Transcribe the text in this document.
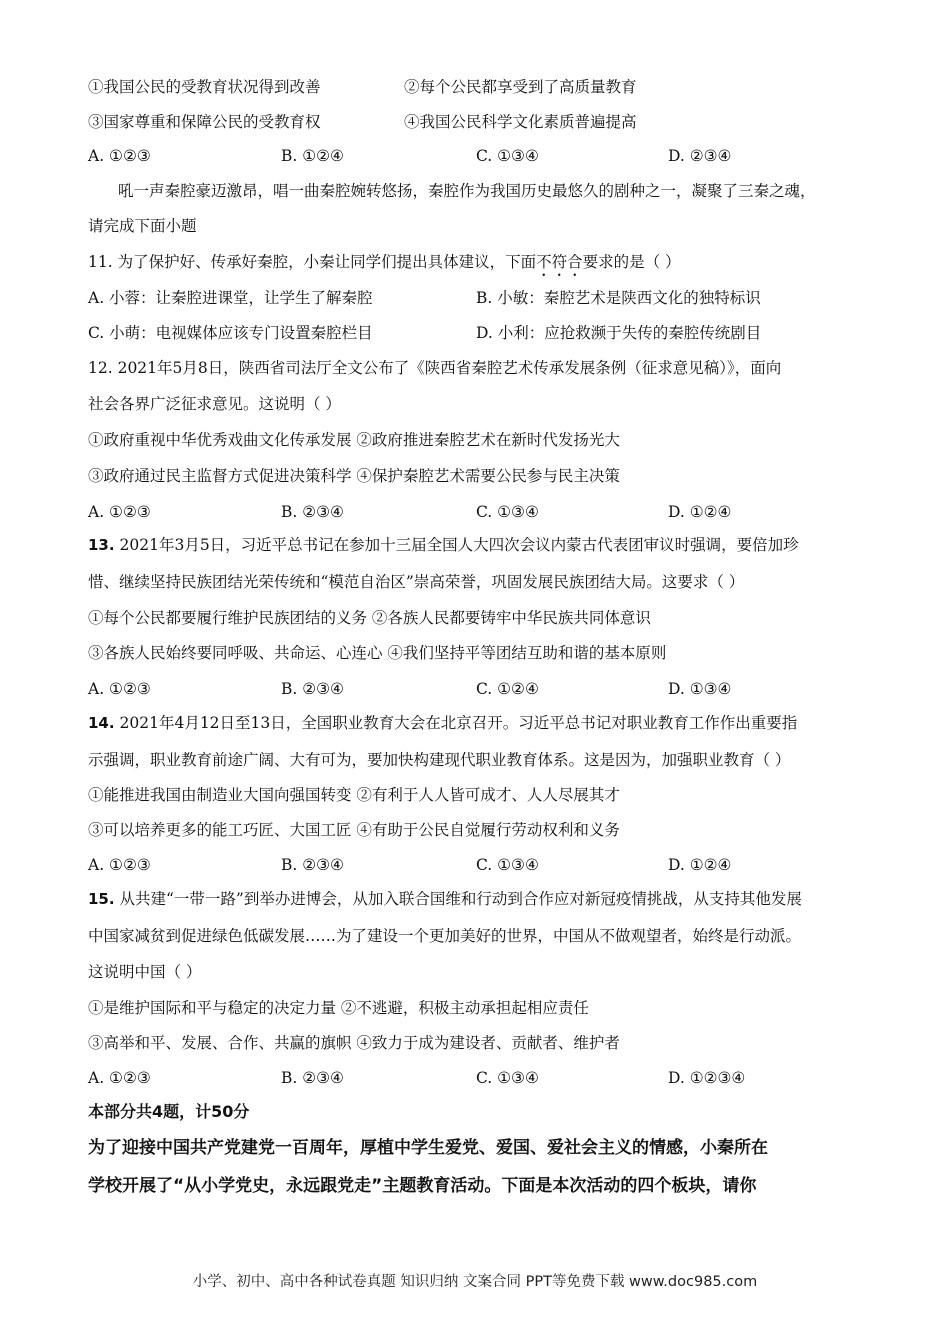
①我国公民的受教育状况得到改善	②每个公民都享受到了高质量教育
③国家尊重和保障公民的受教育权	④我国公民科学文化素质普遍提高
A. ①②③	B. ①②④	C. ①③④	D. ②③④
吼一声秦腔豪迈激昂，唱一曲秦腔婉转悠扬，秦腔作为我国历史最悠久的剧种之一，凝聚了三秦之魂，
请完成下面小题
11. 为了保护好、传承好秦腔，小秦让同学们提出具体建议，下面不符合要求的是（ ）
A. 小蓉：让秦腔进课堂，让学生了解秦腔	B. 小敏：秦腔艺术是陕西文化的独特标识
C. 小萌：电视媒体应该专门设置秦腔栏目	D. 小利：应抢救濒于失传的秦腔传统剧目
12. 2021年5月8日，陕西省司法厅全文公布了《陕西省秦腔艺术传承发展条例（征求意见稿）》，面向
社会各界广泛征求意见。这说明（ ）
①政府重视中华优秀戏曲文化传承发展 ②政府推进秦腔艺术在新时代发扬光大
③政府通过民主监督方式促进决策科学 ④保护秦腔艺术需要公民参与民主决策
A. ①②③	B. ②③④	C. ①③④	D. ①②④
13. 2021年3月5日，习近平总书记在参加十三届全国人大四次会议内蒙古代表团审议时强调，要倍加珍
惜、继续坚持民族团结光荣传统和“模范自治区”崇高荣誉，巩固发展民族团结大局。这要求（ ）
①每个公民都要履行维护民族团结的义务 ②各族人民都要铸牢中华民族共同体意识
③各族人民始终要同呼吸、共命运、心连心 ④我们坚持平等团结互助和谐的基本原则
A. ①②③	B. ②③④	C. ①②④	D. ①③④
14. 2021年4月12日至13日，全国职业教育大会在北京召开。习近平总书记对职业教育工作作出重要指
示强调，职业教育前途广阔、大有可为，要加快构建现代职业教育体系。这是因为，加强职业教育（ ）
①能推进我国由制造业大国向强国转变 ②有利于人人皆可成才、人人尽展其才
③可以培养更多的能工巧匠、大国工匠 ④有助于公民自觉履行劳动权利和义务
A. ①②③	B. ②③④	C. ①③④	D. ①②④
15. 从共建“一带一路”到举办进博会，从加入联合国维和行动到合作应对新冠疫情挑战，从支持其他发展
中国家减贫到促进绿色低碳发展……为了建设一个更加美好的世界，中国从不做观望者，始终是行动派。
这说明中国（ ）
①是维护国际和平与稳定的决定力量 ②不逃避，积极主动承担起相应责任
③高举和平、发展、合作、共赢的旗帜 ④致力于成为建设者、贡献者、维护者
A. ①②③	B. ②③④	C. ①③④	D. ①②③④
本部分共4题，计50分
为了迎接中国共产党建党一百周年，厚植中学生爱党、爱国、爱社会主义的情感，小秦所在
学校开展了“从小学党史，永远跟党走”主题教育活动。下面是本次活动的四个板块，请你
小学、初中、高中各种试卷真题 知识归纳 文案合同 PPT等免费下载 www.doc985.com
